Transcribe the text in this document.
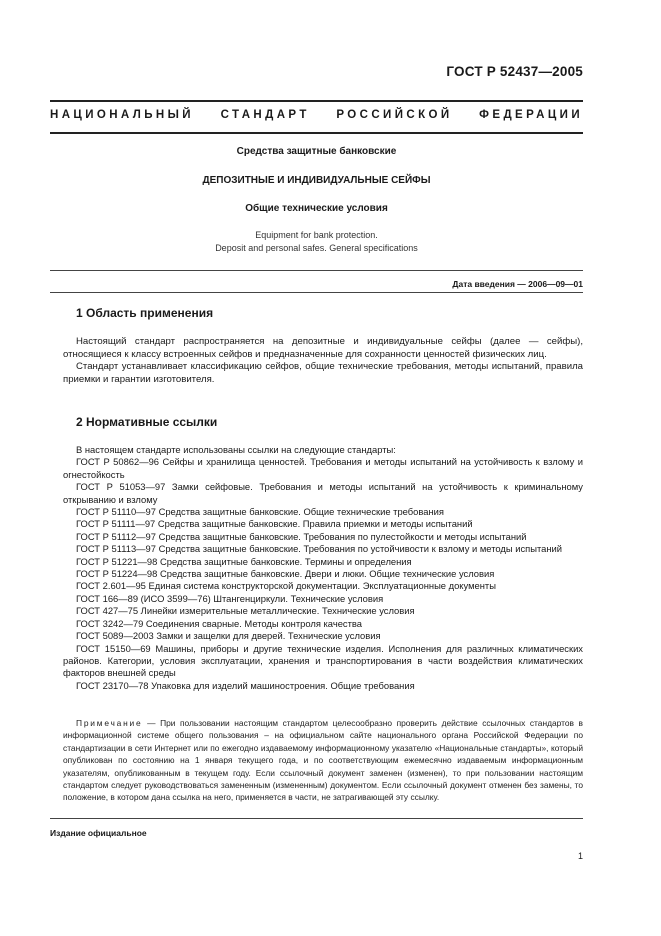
ГОСТ Р 52437—2005
НАЦИОНАЛЬНЫЙ СТАНДАРТ РОССИЙСКОЙ ФЕДЕРАЦИИ
Средства защитные банковские
ДЕПОЗИТНЫЕ И ИНДИВИДУАЛЬНЫЕ СЕЙФЫ
Общие технические условия
Equipment for bank protection.
Deposit and personal safes. General specifications
Дата введения — 2006—09—01
1 Область применения

Настоящий стандарт распространяется на депозитные и индивидуальные сейфы (далее — сейфы), относящиеся к классу встроенных сейфов и предназначенные для сохранности ценностей физических лиц.

Стандарт устанавливает классификацию сейфов, общие технические требования, методы испытаний, правила приемки и гарантии изготовителя.

2 Нормативные ссылки

В настоящем стандарте использованы ссылки на следующие стандарты:

ГОСТ Р 50862—96 Сейфы и хранилища ценностей. Требования и методы испытаний на устойчивость к взлому и огнестойкость

ГОСТ Р 51053—97 Замки сейфовые. Требования и методы испытаний на устойчивость к криминальному открыванию и взлому

ГОСТ Р 51110—97 Средства защитные банковские. Общие технические требования

ГОСТ Р 51111—97 Средства защитные банковские. Правила приемки и методы испытаний

ГОСТ Р 51112—97 Средства защитные банковские. Требования по пулестойкости и методы испытаний

ГОСТ Р 51113—97 Средства защитные банковские. Требования по устойчивости к взлому и методы испытаний

ГОСТ Р 51221—98 Средства защитные банковские. Термины и определения

ГОСТ Р 51224—98 Средства защитные банковские. Двери и люки. Общие технические условия

ГОСТ 2.601—95 Единая система конструкторской документации. Эксплуатационные документы

ГОСТ 166—89 (ИСО 3599—76) Штангенциркули. Технические условия

ГОСТ 427—75 Линейки измерительные металлические. Технические условия

ГОСТ 3242—79 Соединения сварные. Методы контроля качества

ГОСТ 5089—2003 Замки и защелки для дверей. Технические условия

ГОСТ 15150—69 Машины, приборы и другие технические изделия. Исполнения для различных климатических районов. Категории, условия эксплуатации, хранения и транспортирования в части воздействия климатических факторов внешней среды

ГОСТ 23170—78 Упаковка для изделий машиностроения. Общие требования

Примечание — При пользовании настоящим стандартом целесообразно проверить действие ссылочных стандартов в информационной системе общего пользования – на официальном сайте национального органа Российской Федерации по стандартизации в сети Интернет или по ежегодно издаваемому информационному указателю «Национальные стандарты», который опубликован по состоянию на 1 января текущего года, и по соответствующим ежемесячно издаваемым информационным указателям, опубликованным в текущем году. Если ссылочный документ заменен (изменен), то при пользовании настоящим стандартом следует руководствоваться замененным (измененным) документом. Если ссылочный документ отменен без замены, то положение, в котором дана ссылка на него, применяется в части, не затрагивающей эту ссылку.

Издание официальное
1
